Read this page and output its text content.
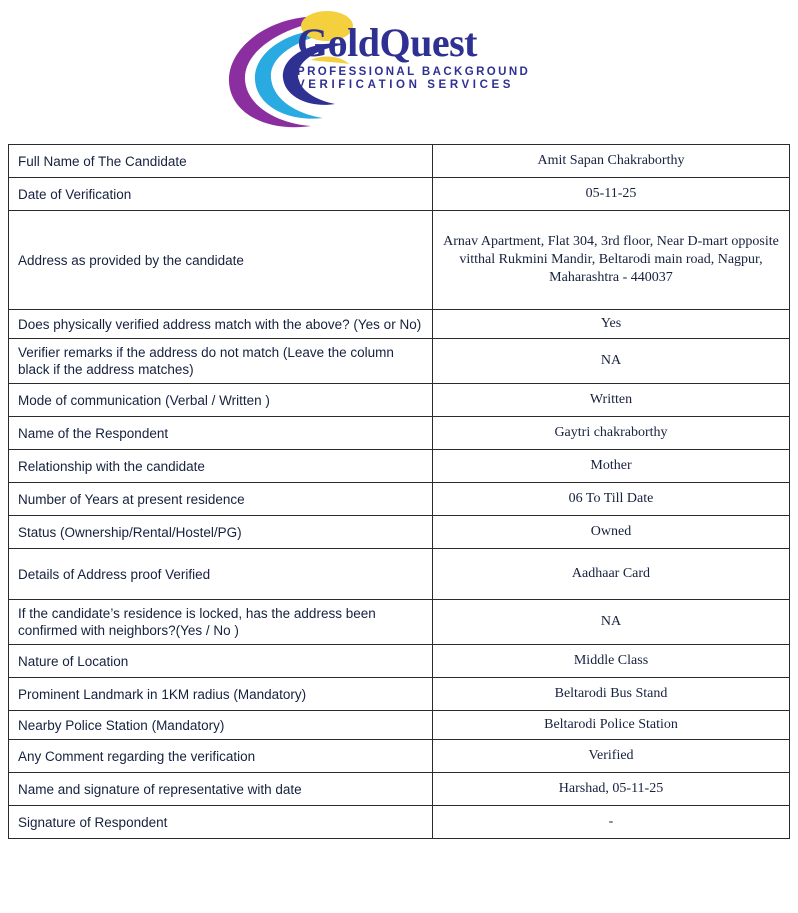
GoldQuest
PROFESSIONAL BACKGROUND
VERIFICATION SERVICES
Full Name of The Candidate	Amit Sapan Chakraborthy
Date of Verification	05-11-25
Address as provided by the candidate	Arnav Apartment, Flat 304, 3rd floor, Near D-mart opposite vitthal Rukmini Mandir, Beltarodi main road, Nagpur, Maharashtra - 440037
Does physically verified address match with the above? (Yes or No)	Yes
Verifier remarks if the address do not match (Leave the column black if the address matches)	NA
Mode of communication (Verbal / Written )	Written
Name of the Respondent	Gaytri chakraborthy
Relationship with the candidate	Mother
Number of Years at present residence	06 To Till Date
Status (Ownership/Rental/Hostel/PG)	Owned
Details of Address proof Verified	Aadhaar Card
If the candidate’s residence is locked, has the address been confirmed with neighbors?(Yes / No )	NA
Nature of Location	Middle Class
Prominent Landmark in 1KM radius (Mandatory)	Beltarodi Bus Stand
Nearby Police Station (Mandatory)	Beltarodi Police Station
Any Comment regarding the verification	Verified
Name and signature of representative with date	Harshad, 05-11-25
Signature of Respondent	-
